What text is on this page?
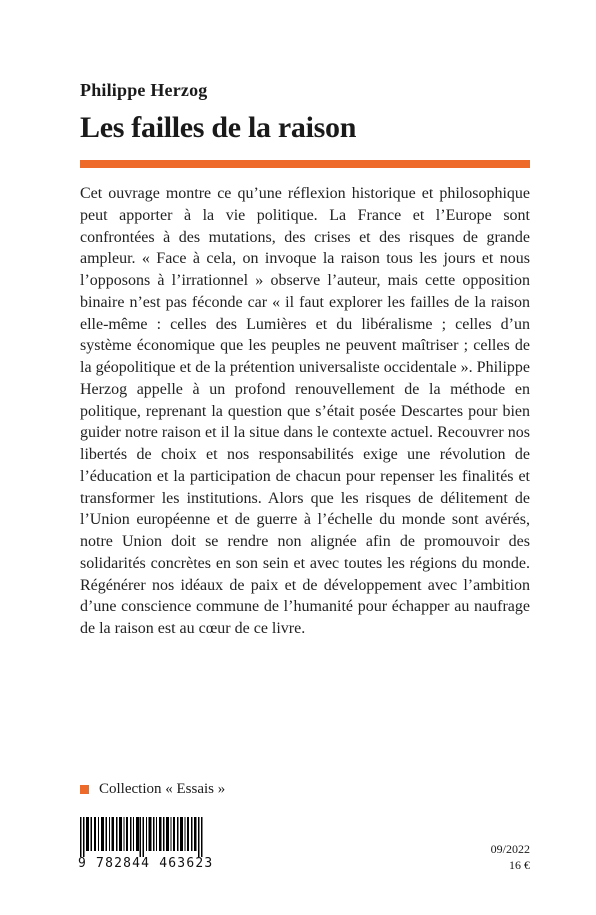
Philippe Herzog
Les failles de la raison

Cet ouvrage montre ce qu’une réflexion historique et philosophique peut apporter à la vie politique. La France et l’Europe sont confrontées à des mutations, des crises et des risques de grande ampleur. « Face à cela, on invoque la raison tous les jours et nous l’opposons à l’irrationnel » observe l’auteur, mais cette opposition binaire n’est pas féconde car « il faut explorer les failles de la raison elle-même : celles des Lumières et du libéralisme ; celles d’un système économique que les peuples ne peuvent maîtriser ; celles de la géopolitique et de la prétention universaliste occidentale ». Philippe Herzog appelle à un profond renouvellement de la méthode en politique, reprenant la question que s’était posée Descartes pour bien guider notre raison et il la situe dans le contexte actuel. Recouvrer nos libertés de choix et nos responsabilités exige une révolution de l’éducation et la participation de chacun pour repenser les finalités et transformer les institutions. Alors que les risques de délitement de l’Union européenne et de guerre à l’échelle du monde sont avérés, notre Union doit se rendre non alignée afin de promouvoir des solidarités concrètes en son sein et avec toutes les régions du monde. Régénérer nos idéaux de paix et de développement avec l’ambition d’une conscience commune de l’humanité pour échapper au naufrage de la raison est au cœur de ce livre.

Collection « Essais »
9 782844 463623
09/2022
16 €
